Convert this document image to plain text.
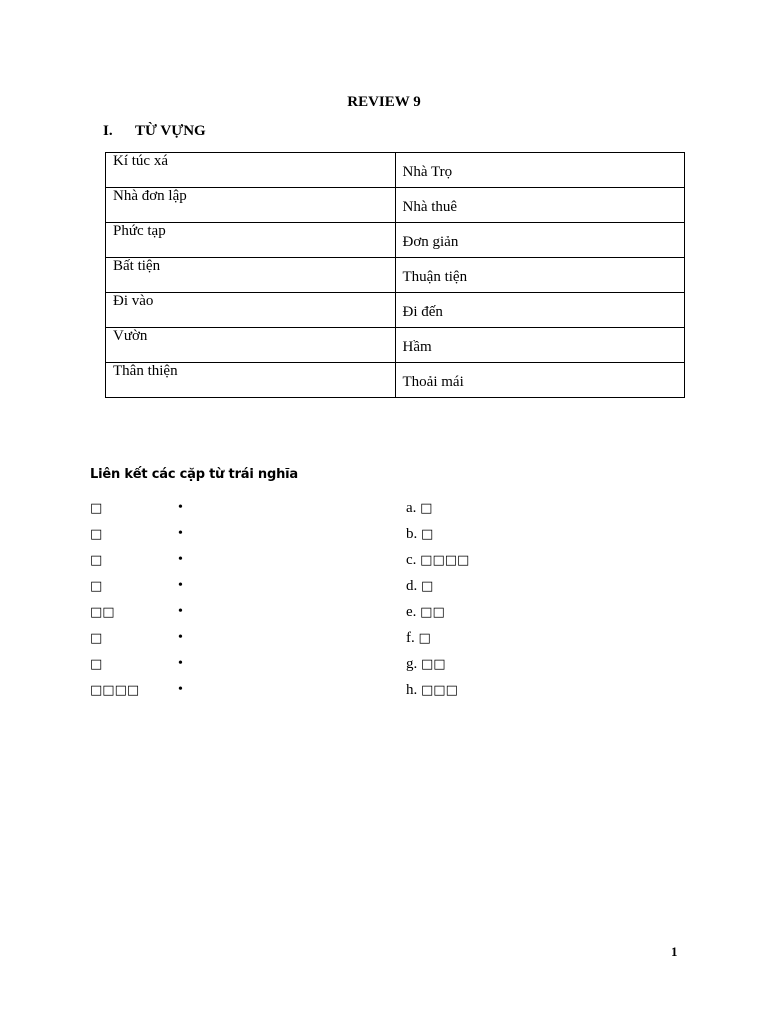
REVIEW 9
I.	TỪ VỰNG
Kí túc xá	Nhà Trọ
Nhà đơn lập	Nhà thuê
Phức tạp	Đơn giản
Bất tiện	Thuận tiện
Đi vào	Đi đến
Vườn	Hầm
Thân thiện	Thoải mái
Liên kết các cặp từ trái nghĩa
□	•	a. □
□	•	b. □
□	•	c. □□□□
□	•	d. □
□□	•	e. □□
□	•	f. □
□	•	g. □□
□□□□	•	h. □□□
1
